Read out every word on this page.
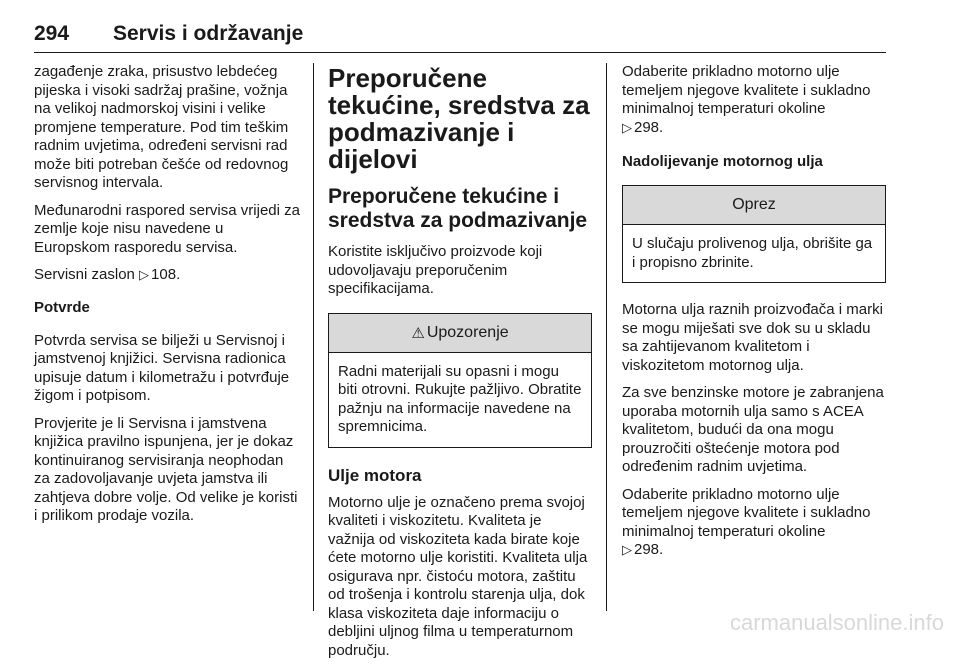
294 Servis i održavanje

zagađenje zraka, prisustvo lebdećeg pijeska i visoki sadržaj prašine, vožnja na velikoj nadmorskoj visini i velike promjene temperature. Pod tim teškim radnim uvjetima, određeni servisni rad može biti potreban češće od redovnog servisnog intervala.

Međunarodni raspored servisa vrijedi za zemlje koje nisu navedene u Europskom rasporedu servisa.

Servisni zaslon ▷ 108.

Potvrde

Potvrda servisa se bilježi u Servisnoj i jamstvenoj knjižici. Servisna radionica upisuje datum i kilometražu i potvrđuje žigom i potpisom.

Provjerite je li Servisna i jamstvena knjižica pravilno ispunjena, jer je dokaz kontinuiranog servisiranja neophodan za zadovoljavanje uvjeta jamstva ili zahtjeva dobre volje. Od velike je koristi i prilikom prodaje vozila.

Preporučene tekućine, sredstva za podmazivanje i dijelovi
Preporučene tekućine i sredstva za podmazivanje

Koristite isključivo proizvode koji udovoljavaju preporučenim specifikacijama.

⚠ Upozorenje

Radni materijali su opasni i mogu biti otrovni. Rukujte pažljivo. Obratite pažnju na informacije navedene na spremnicima.

Ulje motora

Motorno ulje je označeno prema svojoj kvaliteti i viskozitetu. Kvaliteta je važnija od viskoziteta kada birate koje ćete motorno ulje koristiti. Kvaliteta ulja osigurava npr. čistoću motora, zaštitu od trošenja i kontrolu starenja ulja, dok klasa viskoziteta daje informaciju o debljini uljnog filma u temperaturnom području.

Odaberite prikladno motorno ulje temeljem njegove kvalitete i sukladno minimalnoj temperaturi okoline
▷ 298.

Nadolijevanje motornog ulja
Oprez

U slučaju prolivenog ulja, obrišite ga i propisno zbrinite.

Motorna ulja raznih proizvođača i marki se mogu miješati sve dok su u skladu sa zahtijevanom kvalitetom i viskozitetom motornog ulja.

Za sve benzinske motore je zabranjena uporaba motornih ulja samo s ACEA kvalitetom, budući da ona mogu prouzročiti oštećenje motora pod određenim radnim uvjetima.

Odaberite prikladno motorno ulje temeljem njegove kvalitete i sukladno minimalnoj temperaturi okoline
▷ 298.

carmanualsonline.info
